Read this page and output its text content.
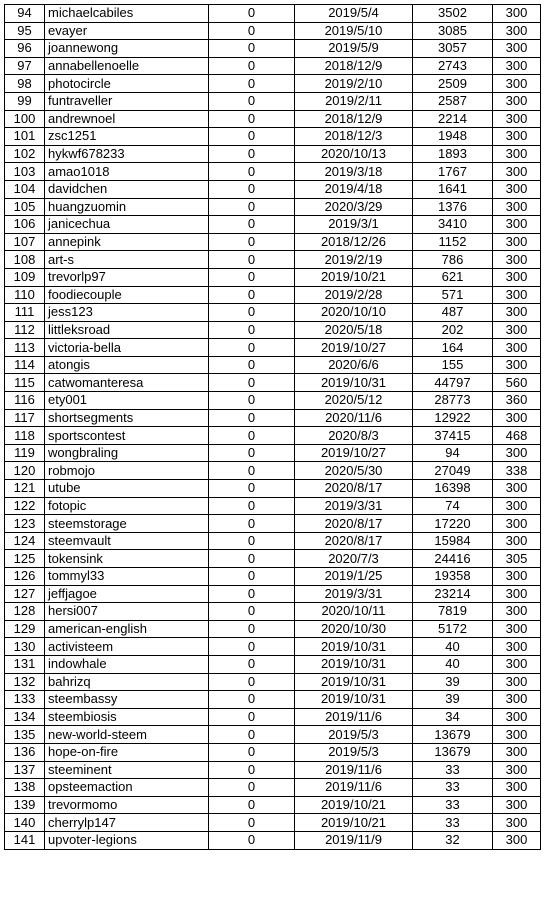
94	michaelcabiles	0	2019/5/4	3502	300
95	evayer	0	2019/5/10	3085	300
96	joannewong	0	2019/5/9	3057	300
97	annabellenoelle	0	2018/12/9	2743	300
98	photocircle	0	2019/2/10	2509	300
99	funtraveller	0	2019/2/11	2587	300
100	andrewnoel	0	2018/12/9	2214	300
101	zsc1251	0	2018/12/3	1948	300
102	hykwf678233	0	2020/10/13	1893	300
103	amao1018	0	2019/3/18	1767	300
104	davidchen	0	2019/4/18	1641	300
105	huangzuomin	0	2020/3/29	1376	300
106	janicechua	0	2019/3/1	3410	300
107	annepink	0	2018/12/26	1152	300
108	art-s	0	2019/2/19	786	300
109	trevorlp97	0	2019/10/21	621	300
110	foodiecouple	0	2019/2/28	571	300
111	jess123	0	2020/10/10	487	300
112	littleksroad	0	2020/5/18	202	300
113	victoria-bella	0	2019/10/27	164	300
114	atongis	0	2020/6/6	155	300
115	catwomanteresa	0	2019/10/31	44797	560
116	ety001	0	2020/5/12	28773	360
117	shortsegments	0	2020/11/6	12922	300
118	sportscontest	0	2020/8/3	37415	468
119	wongbraling	0	2019/10/27	94	300
120	robmojo	0	2020/5/30	27049	338
121	utube	0	2020/8/17	16398	300
122	fotopic	0	2019/3/31	74	300
123	steemstorage	0	2020/8/17	17220	300
124	steemvault	0	2020/8/17	15984	300
125	tokensink	0	2020/7/3	24416	305
126	tommyl33	0	2019/1/25	19358	300
127	jeffjagoe	0	2019/3/31	23214	300
128	hersi007	0	2020/10/11	7819	300
129	american-english	0	2020/10/30	5172	300
130	activisteem	0	2019/10/31	40	300
131	indowhale	0	2019/10/31	40	300
132	bahrizq	0	2019/10/31	39	300
133	steembassy	0	2019/10/31	39	300
134	steembiosis	0	2019/11/6	34	300
135	new-world-steem	0	2019/5/3	13679	300
136	hope-on-fire	0	2019/5/3	13679	300
137	steeminent	0	2019/11/6	33	300
138	opsteemaction	0	2019/11/6	33	300
139	trevormomo	0	2019/10/21	33	300
140	cherrylp147	0	2019/10/21	33	300
141	upvoter-legions	0	2019/11/9	32	300
